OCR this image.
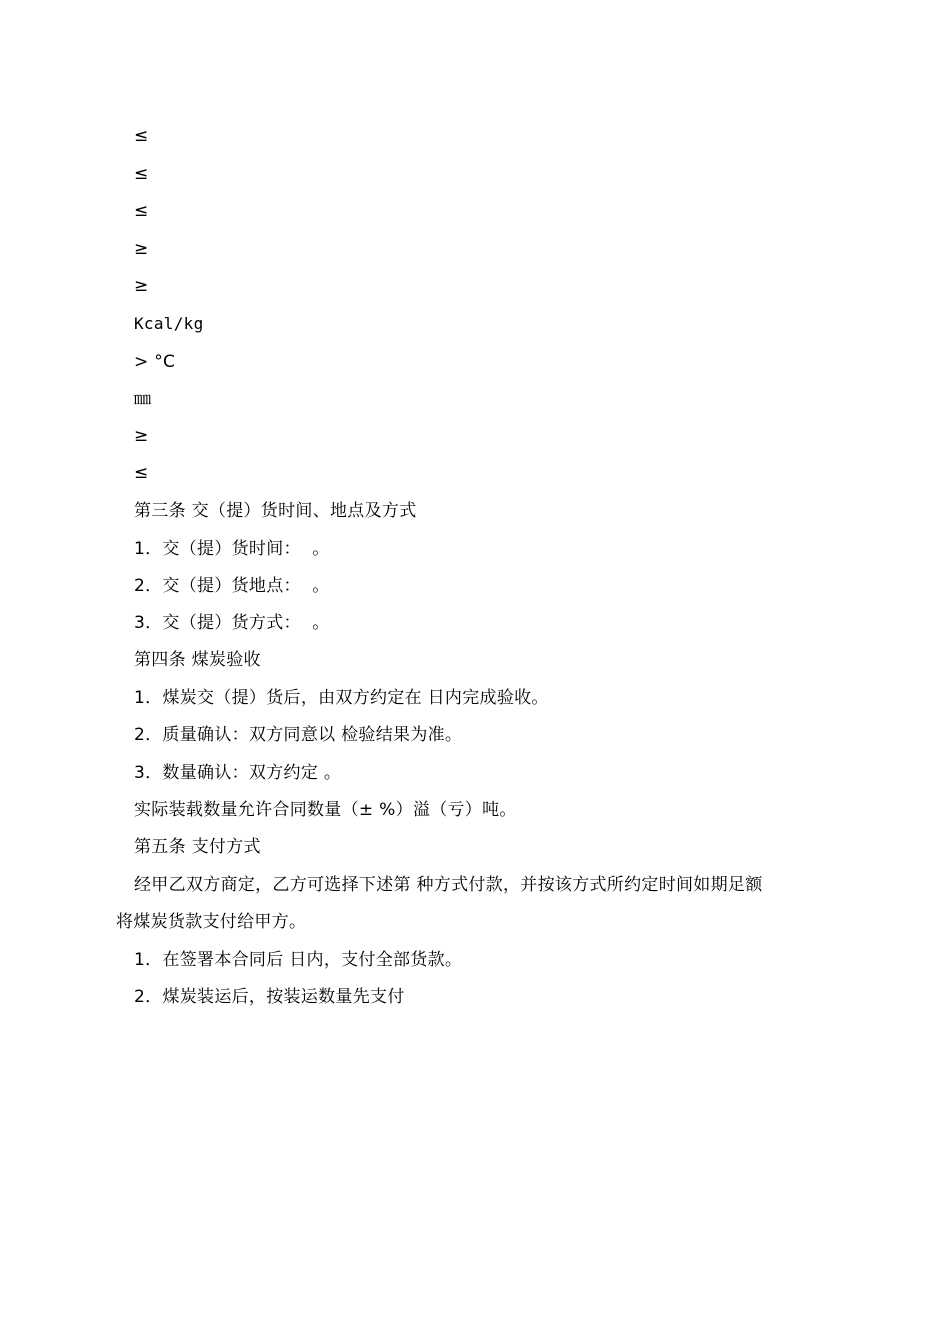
≤
≤
≤
≥
≥
Kcal/kg
> °C
㎜
≥
≤
第三条 交（提）货时间、地点及方式
1．交（提）货时间：  。
2．交（提）货地点：  。
3．交（提）货方式：  。
第四条 煤炭验收
1．煤炭交（提）货后，由双方约定在 日内完成验收。
2．质量确认：双方同意以 检验结果为准。
3．数量确认：双方约定 。
实际装载数量允许合同数量（± %）溢（亏）吨。
第五条 支付方式
经甲乙双方商定，乙方可选择下述第 种方式付款，并按该方式所约定时间如期足额
将煤炭货款支付给甲方。
1．在签署本合同后 日内，支付全部货款。
2．煤炭装运后，按装运数量先支付
